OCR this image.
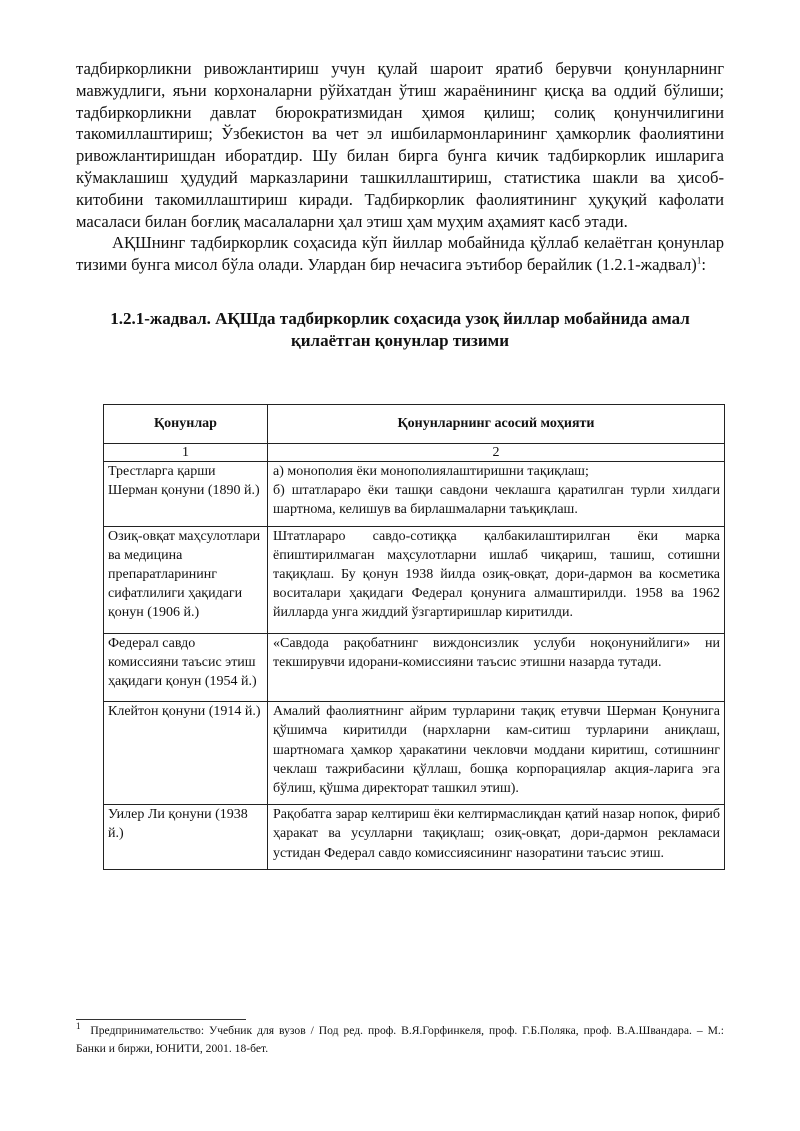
тадбиркорликни ривожлантириш учун қулай шароит яратиб берувчи қонунларнинг мавжудлиги, яъни корхоналарни рўйхатдан ўтиш жараёнининг қисқа ва оддий бўлиши; тадбиркорликни давлат бюрократизмидан ҳимоя қилиш; солиқ қонунчилигини такомиллаштириш; Ўзбекистон ва чет эл ишбилармонларининг ҳамкорлик фаолиятини ривожлантиришдан иборатдир. Шу билан бирга бунга кичик тадбиркорлик ишларига кўмаклашиш ҳудудий марказларини ташкиллаштириш, статистика шакли ва ҳисоб-китобини такомиллаштириш киради. Тадбиркорлик фаолиятининг ҳуқуқий кафолати масаласи билан боғлиқ масалаларни ҳал этиш ҳам муҳим аҳамият касб этади.

АҚШнинг тадбиркорлик соҳасида кўп йиллар мобайнида қўллаб келаётган қонунлар тизими бунга мисол бўла олади. Улардан бир нечасига эътибор берайлик (1.2.1-жадвал)$^1$:

1.2.1-жадвал. АҚШда тадбиркорлик соҳасида узоқ йиллар мобайнида амал қилаётган қонунлар тизими
Қонунлар	Қонунларнинг асосий моҳияти
1	2
Трестларга қарши Шерман қонуни (1890 й.)	а) монополия ёки монополиялаштиришни тақиқлаш;
б) штатлараро ёки ташқи савдони чеклашга қаратилган турли хилдаги шартнома, келишув ва бирлашмаларни таъқиқлаш.
Озиқ-овқат маҳсулотлари ва медицина препаратларининг сифатлилиги ҳақидаги қонун (1906 й.)	Штатлараро савдо-сотиққа қалбакилаштирилган ёки марка ёпиштирилмаган маҳсулотларни ишлаб чиқариш, ташиш, сотишни тақиқлаш. Бу қонун 1938 йилда озиқ-овқат, дори-дармон ва косметика воситалари ҳақидаги Федерал қонунига алмаштирилди. 1958 ва 1962 йилларда унга жиддий ўзгартиришлар киритилди.
Федерал савдо комиссияни таъсис этиш ҳақидаги қонун (1954 й.)	«Савдода рақобатнинг виждонсизлик услуби ноқонунийлиги» ни текширувчи идорани-комиссияни таъсис этишни назарда тутади.
Клейтон қонуни (1914 й.)	Амалий фаолиятнинг айрим турларини тақиқ етувчи Шерман Қонунига қўшимча киритилди (нархларни кам-ситиш турларини аниқлаш, шартномага ҳамкор ҳаракатини чекловчи моддани киритиш, сотишнинг чеклаш тажрибасини қўллаш, бошқа корпорациялар акция-ларига эга бўлиш, қўшма директорат ташкил этиш).
Уилер Ли қонуни (1938 й.)	Рақобатга зарар келтириш ёки келтирмаслиқдан қатий назар нопок, фириб ҳаракат ва усулларни тақиқлаш; озиқ-овқат, дори-дармон рекламаси устидан Федерал савдо комиссиясининг назоратини таъсис этиш.
$^1$ Предпринимательство: Учебник для вузов / Под ред. проф. В.Я.Горфинкеля, проф. Г.Б.Поляка, проф. В.А.Швандара. – М.: Банки и биржи, ЮНИТИ, 2001. 18-бет.
